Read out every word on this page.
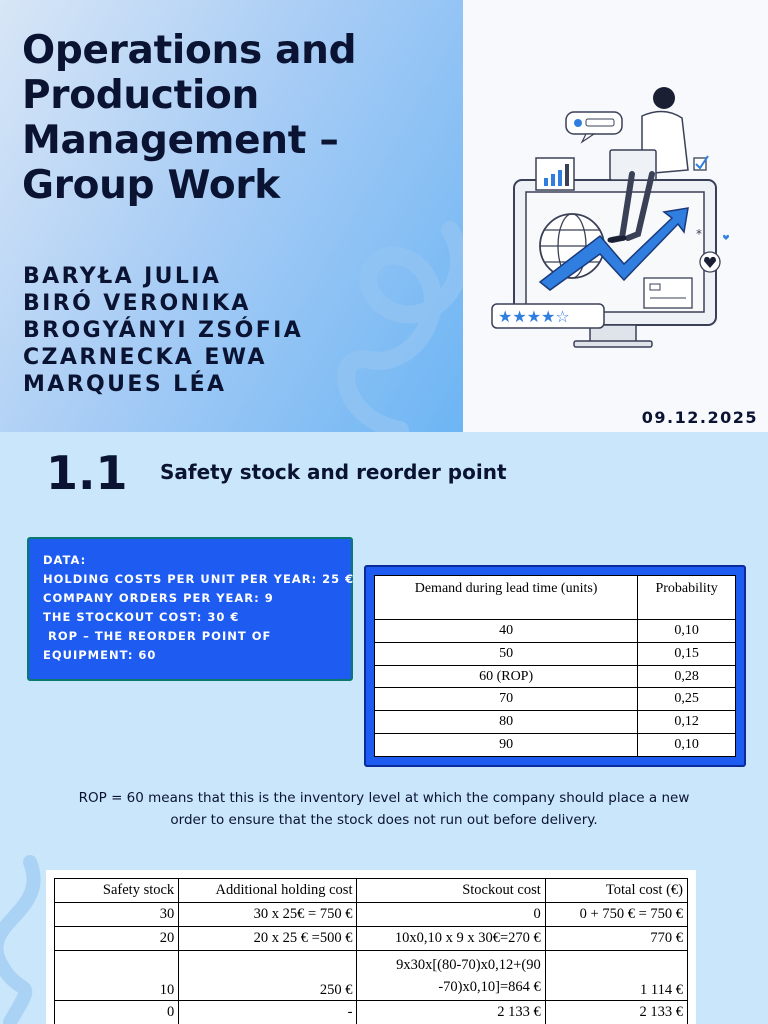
Operations and
Production
Management –
Group Work
BARYŁA JULIA
BIRÓ VERONIKA
BROGYÁNYI ZSÓFIA
CZARNECKA EWA
MARQUES LÉA
*
★★★★☆
09.12.2025
1.1 Safety stock and reorder point
DATA:
HOLDING COSTS PER UNIT PER YEAR: 25 €
COMPANY ORDERS PER YEAR: 9
THE STOCKOUT COST: 30 €
ROP – THE REORDER POINT OF
EQUIPMENT: 60
Demand during lead time (units)	Probability
40	0,10
50	0,15
60 (ROP)	0,28
70	0,25
80	0,12
90	0,10
ROP = 60 means that this is the inventory level at which the company should place a new order to ensure that the stock does not run out before delivery.
Safety stock	Additional holding cost	Stockout cost	Total cost (€)
30	30 x 25€ = 750 €	0	0 + 750 € = 750 €
20	20 x 25 € =500 €	10x0,10 x 9 x 30€=270 €	770 €
10	250 €	9x30x[(80-70)x0,12+(90 -70)x0,10]=864 €	1 114 €
0	-	2 133 €	2 133 €
